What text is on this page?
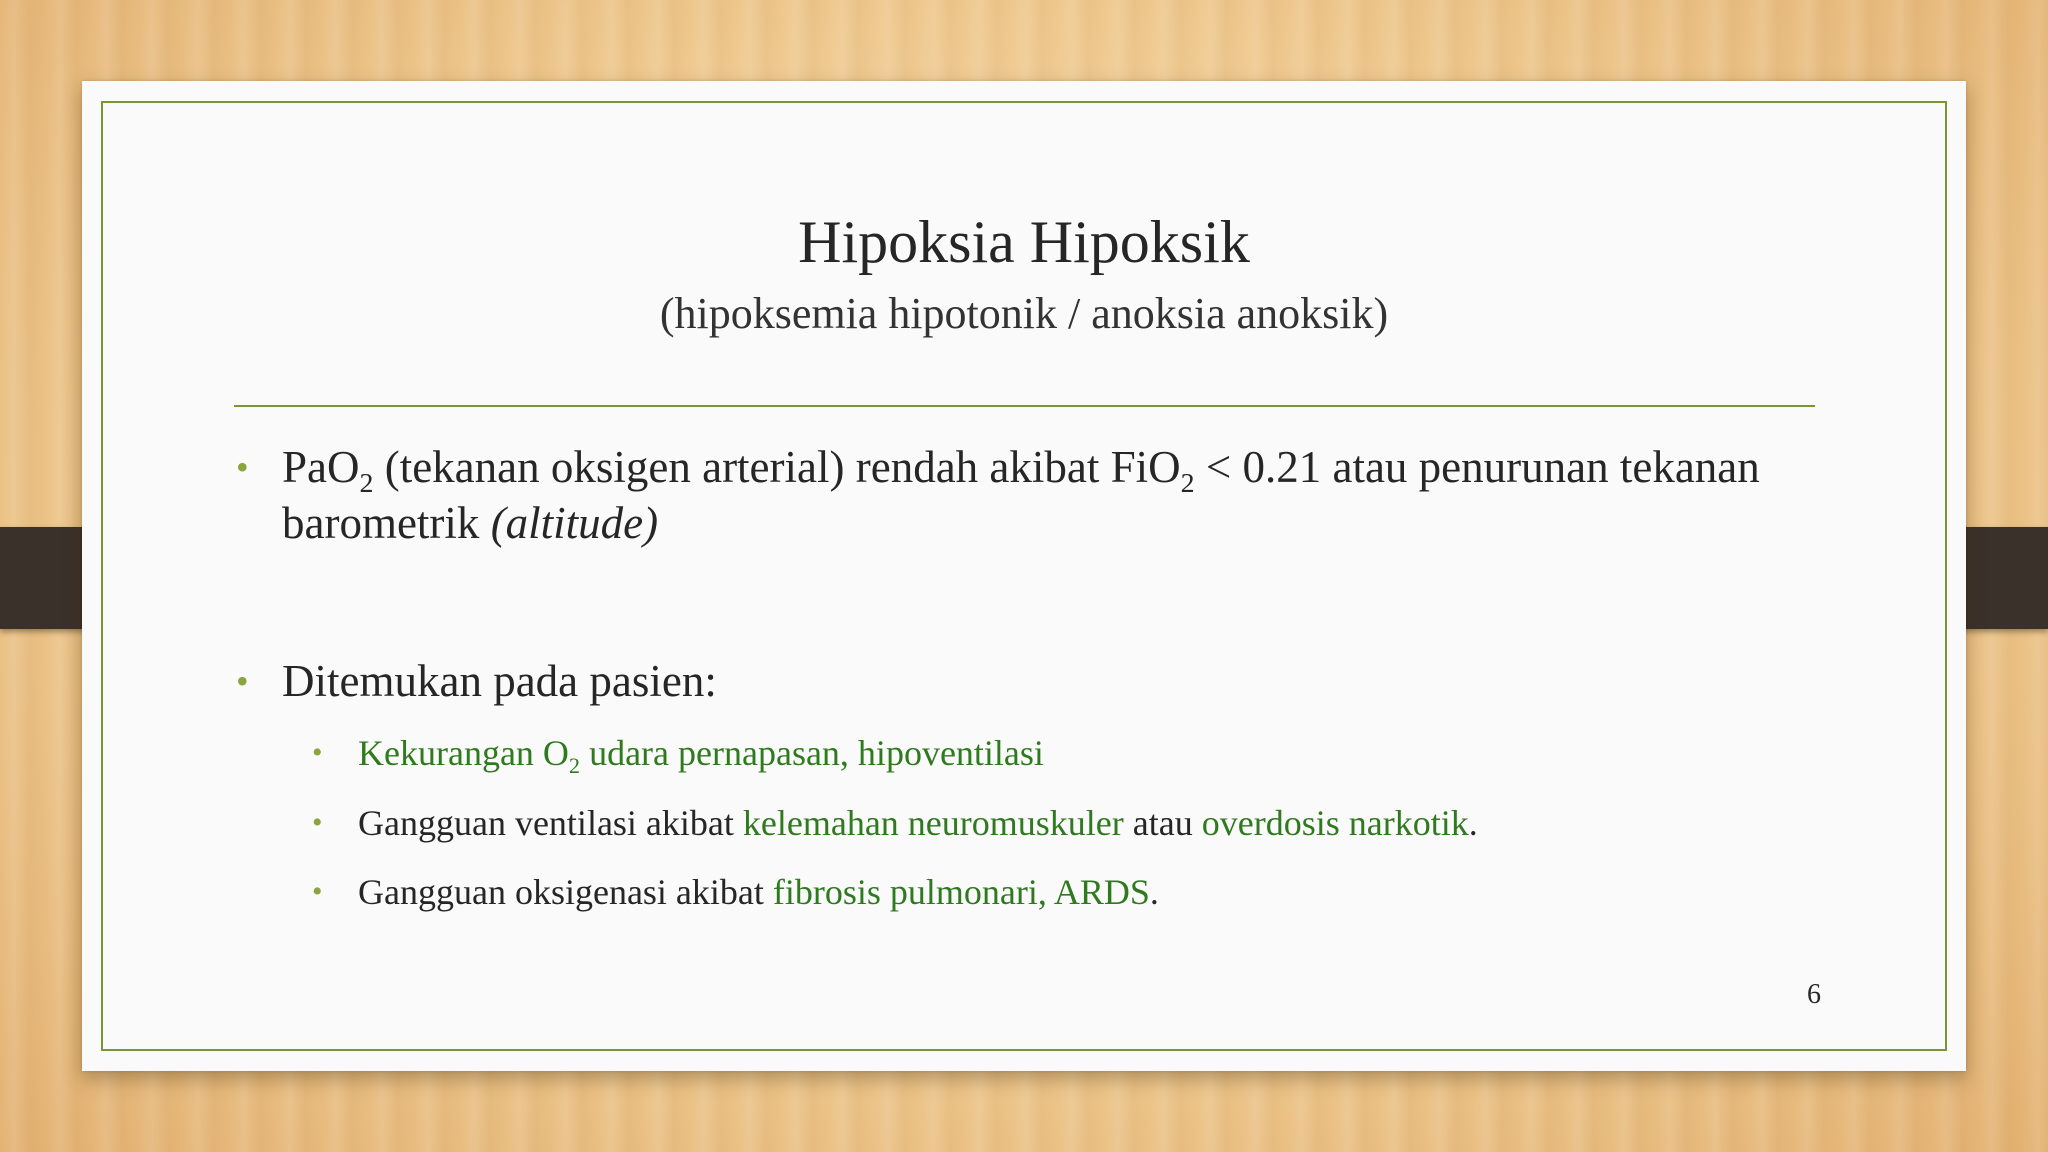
Hipoksia Hipoksik
(hipoksemia hipotonik / anoksia anoksik)
• PaO$_2$ (tekanan oksigen arterial) rendah akibat FiO$_2$ < 0.21 atau penurunan tekanan barometrik (altitude)
• Ditemukan pada pasien:
• Kekurangan $O_2$ udara pernapasan, hipoventilasi
• Gangguan ventilasi akibat kelemahan neuromuskuler atau overdosis narkotik.
• Gangguan oksigenasi akibat fibrosis pulmonari, ARDS.
6
